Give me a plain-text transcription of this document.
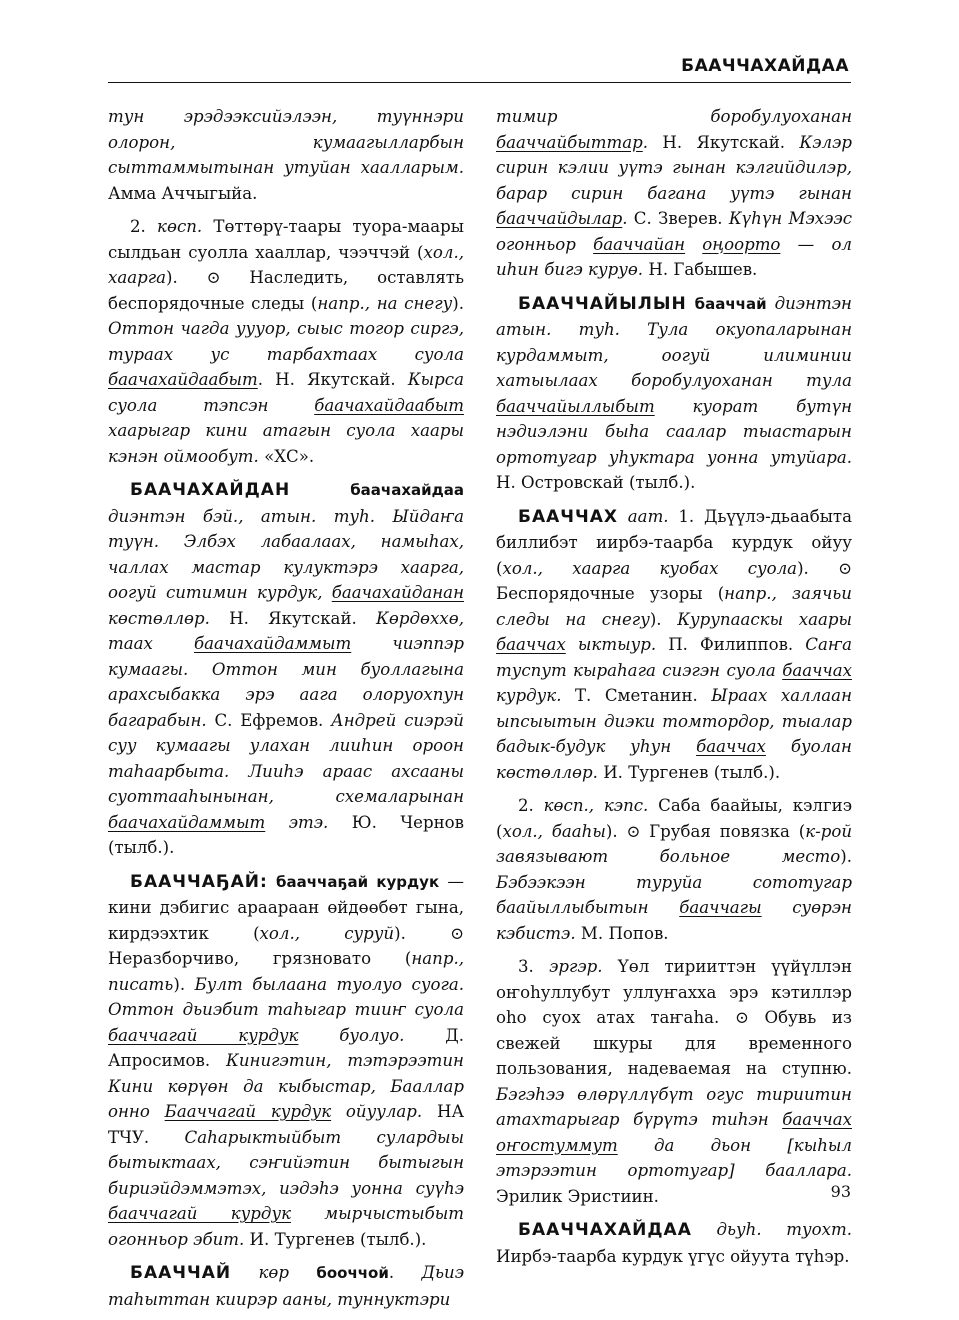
БААЧЧАХАЙДАА

тун эрэдээксийэлээн, туүннэри олорон, кумаагылларбын сыттаммытынан утуйан хаалларым. Амма Аччыгыйа.

2. көсп. Төттөрү-таары туора-маары сылдьан суолла хааллар, чээччэй (хол., хаарга). ⊙ Наследить, оставлять беспорядочные следы (напр., на снегу). Оттон чагда уууор, сыыс тогор сиргэ, тураах ус тарбахтаах суола баачахайдаабыт. Н. Якутскай. Кырса суола тэпсэн баачахайдаабыт хаарыгар кини атагын суола хаары кэнэн оймообут. «ХС».

БААЧАХАЙДАН баачахайдаа диэнтэн бэй., атын. туһ. Ыйдаҥа туүн. Элбэх лабаалаах, намыһах, чаллах мастар кулуктэрэ хаарга, оогуй ситимин курдук, баачахайданан көстөллөр. Н. Якутскай. Көрдөххө, таах баачахайдаммыт чиэппэр кумаагы. Оттон мин буоллагына арахсыбакка эрэ аага олоруохпун багарабын. С. Ефремов. Андрей сиэрэй суу кумаагы улахан лииһин ороон таһаарбыта. Лииһэ араас ахсааны суоттааһынынан, схемаларынан баачахайдаммыт этэ. Ю. Чернов (тылб.).

БААЧЧАҔАЙ: бааччаҕай курдук — кини дэбигис араараан өйдөөбөт гына, кирдээхтик (хол., суруй). ⊙ Неразборчиво, грязновато (напр., писать). Булт былаана туолуо суога. Оттон дьиэбит таһыгар тииҥ суола бааччагай курдук буолуо. Д. Апросимов. Кинигэтин, тэтэрээтин Кини көрүөн да кыбыстар, Бааллар онно Бааччагай курдук ойуулар. НА ТЧУ. Саһарыктыйбыт сулардыы бытыктаах, сэҥийэтин бытыгын бириэйдэммэтэх, иэдэһэ уонна суүһэ бааччагай курдук мырчыстыбыт огонньор эбит. И. Тургенев (тылб.).

БААЧЧАЙ көр бооччой. Дьиэ таһыттан киирэр ааны, туннуктэри

тимир боробулуоханан бааччайбыттар. Н. Якутскай. Кэлэр сирин кэлии уүтэ гынан кэлгийдилэр, барар сирин багана уүтэ гынан бааччайдылар. С. Зверев. Күһүн Мэхээс огонньор бааччайан оңоорто — ол иһин бигэ куруө. Н. Габышев.

БААЧЧАЙЫЛЫН бааччай диэнтэн атын. туһ. Тула окуопаларынан курдаммыт, оогуй илиминии хатыылаах боробулуоханан тула бааччайыллыбыт куорат бутүн нэдиэлэни быһа саалар тыастарын ортотугар уһуктара уонна утуйара. Н. Островскай (тылб.).

БААЧЧАХ аат. 1. Дьүүлэ-дьаабыта биллибэт иирбэ-таарба курдук ойуу (хол., хаарга куобах суола). ⊙ Беспорядочные узоры (напр., заячьи следы на снегу). Курупааскы хаары бааччах ыктыур. П. Филиппов. Саҥа туспут кыраһага сиэгэн суола бааччах курдук. Т. Сметанин. Ыраах халлаан ыпсыытын диэки томтордор, тыалар бадык-будук уһун бааччах буолан көстөллөр. И. Тургенев (тылб.).

2. көсп., кэпс. Саба баайыы, кэлгиэ (хол., бааһы). ⊙ Грубая повязка (к-рой завязывают больное место). Бэбээкээн туруйа сототугар баайыллыбытын бааччагы суөрэн кэбистэ. М. Попов.

3. эргэр. Үөл тирииттэн үүйүллэн оҥоһуллубут уллуҥахха эрэ кэтиллэр оһо суох атах таҥаһа. ⊙ Обувь из свежей шкуры для временного пользования, надеваемая на ступню. Бэгэһээ өлөрүллүбүт огус тириитин атахтарыгар бүрүтэ тиһэн бааччах оҥостуммут да дьон [кыһыл этэрээтин ортотугар] бааллара. Эрилик Эристиин.

БААЧЧАХАЙДАА дьуһ. туохт. Иирбэ-таарба курдук үгүс ойуута түһэр.

93
